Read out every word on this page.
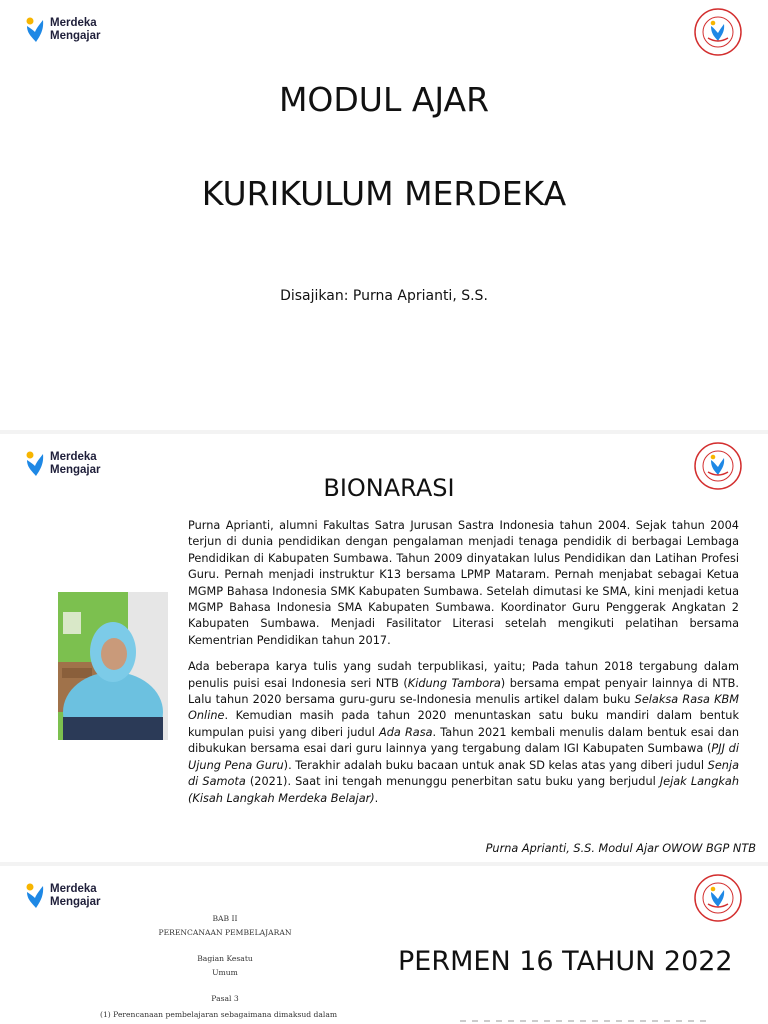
Merdeka
Mengajar
MODUL AJAR
KURIKULUM MERDEKA
Disajikan: Purna Aprianti, S.S.
Merdeka
Mengajar
BIONARASI

Purna Aprianti, alumni Fakultas Satra Jurusan Sastra Indonesia tahun 2004. Sejak tahun 2004 terjun di dunia pendidikan dengan pengalaman menjadi tenaga pendidik di berbagai Lembaga Pendidikan di Kabupaten Sumbawa. Tahun 2009 dinyatakan lulus Pendidikan dan Latihan Profesi Guru. Pernah menjadi instruktur K13 bersama LPMP Mataram. Pernah menjabat sebagai Ketua MGMP Bahasa Indonesia SMK Kabupaten Sumbawa. Setelah dimutasi ke SMA, kini menjadi ketua MGMP Bahasa Indonesia SMA Kabupaten Sumbawa. Koordinator Guru Penggerak Angkatan 2 Kabupaten Sumbawa. Menjadi Fasilitator Literasi setelah mengikuti pelatihan bersama Kementrian Pendidikan tahun 2017.

Ada beberapa karya tulis yang sudah terpublikasi, yaitu; Pada tahun 2018 tergabung dalam penulis puisi esai Indonesia seri NTB (Kidung Tambora) bersama empat penyair lainnya di NTB. Lalu tahun 2020 bersama guru-guru se-Indonesia menulis artikel dalam buku Selaksa Rasa KBM Online. Kemudian masih pada tahun 2020 menuntaskan satu buku mandiri dalam bentuk kumpulan puisi yang diberi judul Ada Rasa. Tahun 2021 kembali menulis dalam bentuk esai dan dibukukan bersama esai dari guru lainnya yang tergabung dalam IGI Kabupaten Sumbawa (PJJ di Ujung Pena Guru). Terakhir adalah buku bacaan untuk anak SD kelas atas yang diberi judul Senja di Samota (2021). Saat ini tengah menunggu penerbitan satu buku yang berjudul Jejak Langkah (Kisah Langkah Merdeka Belajar).

Purna Aprianti, S.S. Modul Ajar OWOW BGP NTB
Merdeka
Mengajar
BAB II
PERENCANAAN PEMBELAJARAN
Bagian Kesatu
Umum
Pasal 3
(1) Perencanaan pembelajaran sebagaimana dimaksud dalam
PERMEN 16 TAHUN 2022
